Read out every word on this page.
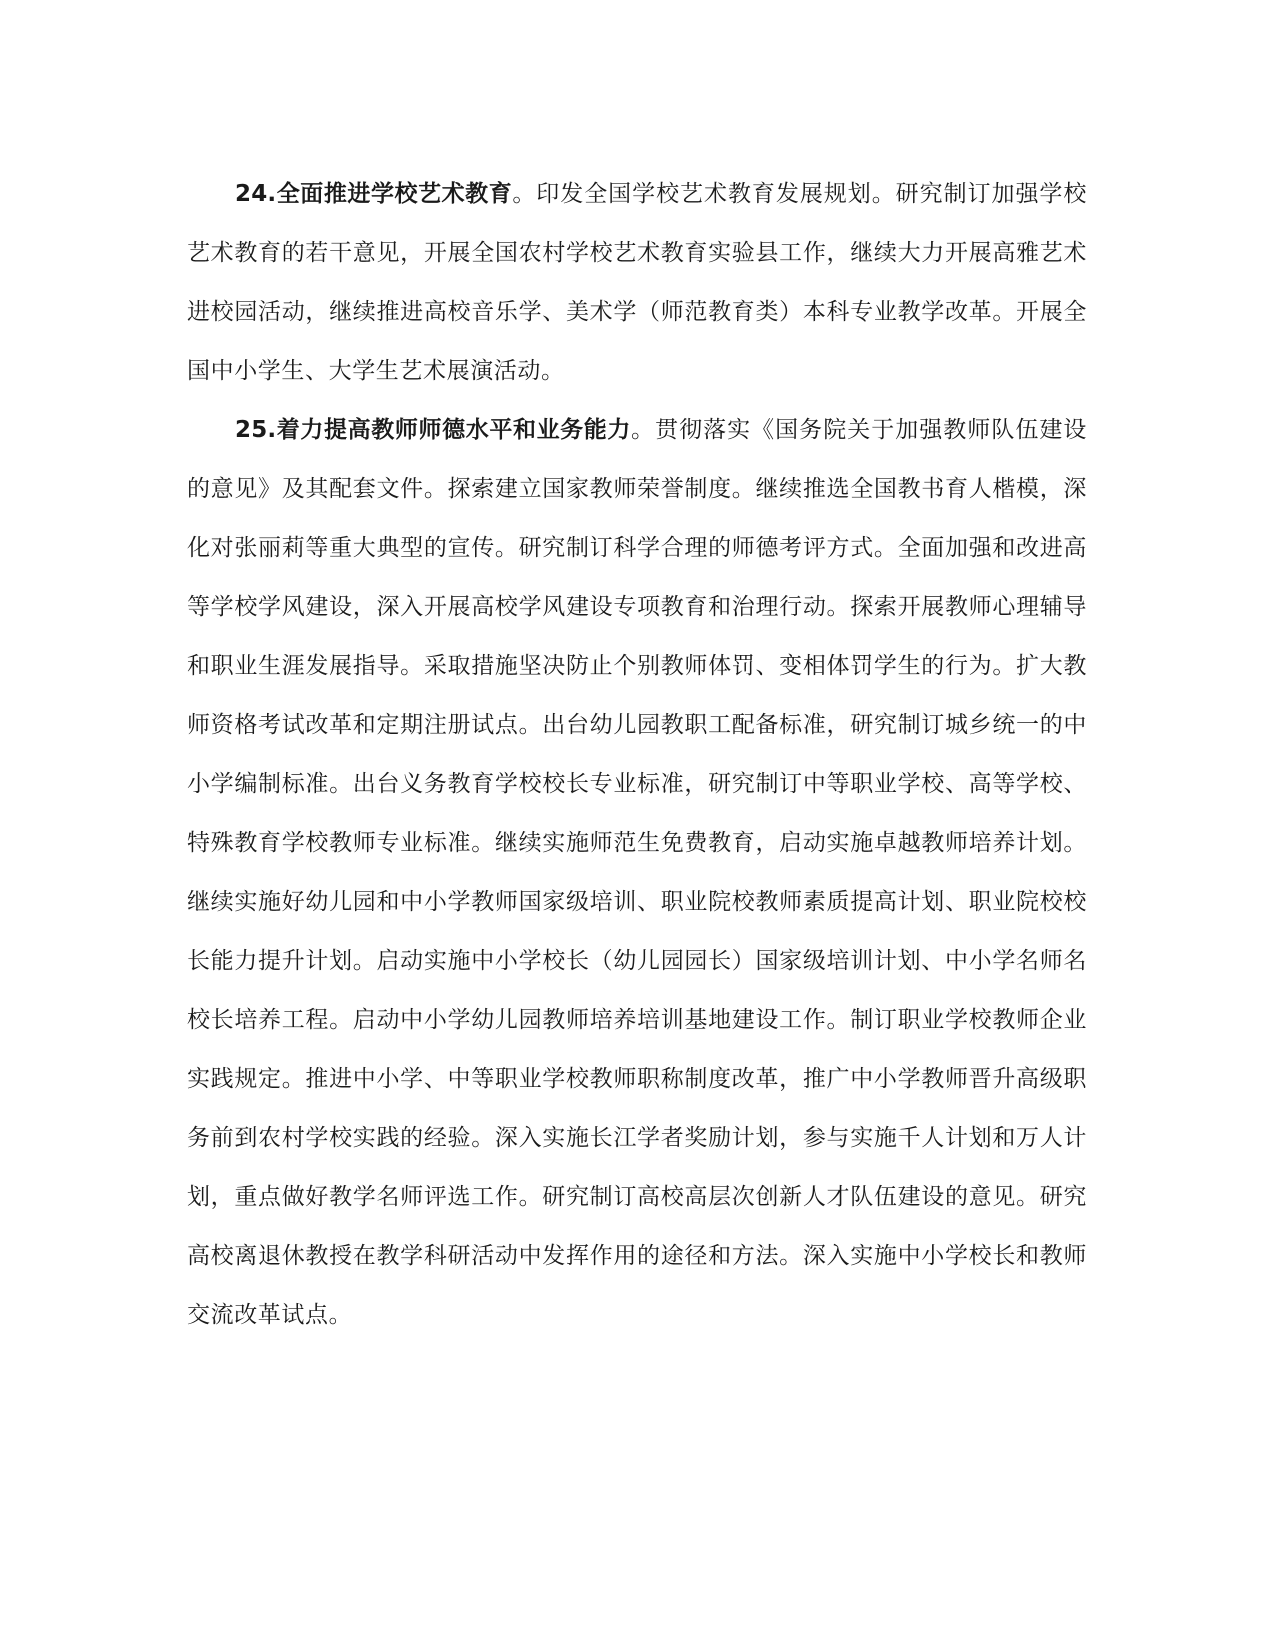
24.全面推进学校艺术教育。印发全国学校艺术教育发展规划。研究制订加强学校艺术教育的若干意见，开展全国农村学校艺术教育实验县工作，继续大力开展高雅艺术进校园活动，继续推进高校音乐学、美术学（师范教育类）本科专业教学改革。开展全国中小学生、大学生艺术展演活动。

25.着力提高教师师德水平和业务能力。贯彻落实《国务院关于加强教师队伍建设的意见》及其配套文件。探索建立国家教师荣誉制度。继续推选全国教书育人楷模，深化对张丽莉等重大典型的宣传。研究制订科学合理的师德考评方式。全面加强和改进高等学校学风建设，深入开展高校学风建设专项教育和治理行动。探索开展教师心理辅导和职业生涯发展指导。采取措施坚决防止个别教师体罚、变相体罚学生的行为。扩大教师资格考试改革和定期注册试点。出台幼儿园教职工配备标准，研究制订城乡统一的中小学编制标准。出台义务教育学校校长专业标准，研究制订中等职业学校、高等学校、特殊教育学校教师专业标准。继续实施师范生免费教育，启动实施卓越教师培养计划。继续实施好幼儿园和中小学教师国家级培训、职业院校教师素质提高计划、职业院校校长能力提升计划。启动实施中小学校长（幼儿园园长）国家级培训计划、中小学名师名校长培养工程。启动中小学幼儿园教师培养培训基地建设工作。制订职业学校教师企业实践规定。推进中小学、中等职业学校教师职称制度改革，推广中小学教师晋升高级职务前到农村学校实践的经验。深入实施长江学者奖励计划，参与实施千人计划和万人计划，重点做好教学名师评选工作。研究制订高校高层次创新人才队伍建设的意见。研究高校离退休教授在教学科研活动中发挥作用的途径和方法。深入实施中小学校长和教师交流改革试点。
